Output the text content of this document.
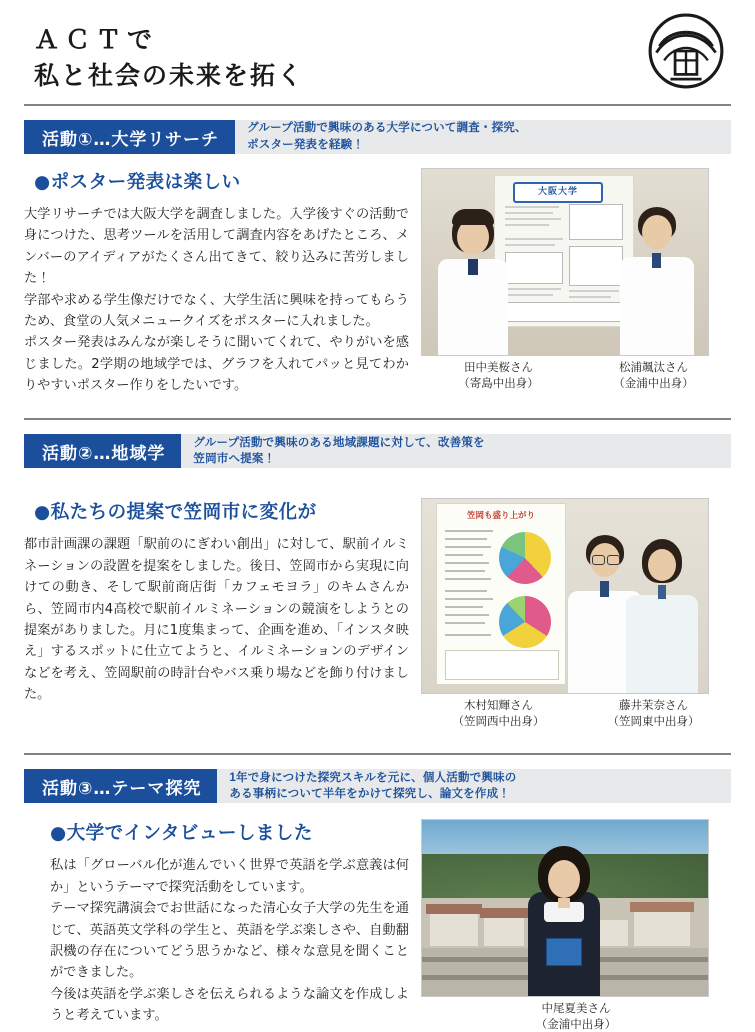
ＡＣＴで
私と社会の未来を拓く
活動①…大学リサーチ
グループ活動で興味のある大学について調査・探究、
ポスター発表を経験！
●ポスター発表は楽しい

大学リサーチでは大阪大学を調査しました。入学後すぐの活動で身につけた、思考ツールを活用して調査内容をあげたところ、メンバーのアイディアがたくさん出てきて、絞り込みに苦労しました！

学部や求める学生像だけでなく、大学生活に興味を持ってもらうため、食堂の人気メニュークイズをポスターに入れました。

ポスター発表はみんなが楽しそうに聞いてくれて、やりがいを感じました。2学期の地域学では、グラフを入れてパッと見てわかりやすいポスター作りをしたいです。

大阪大学
田中美桜さん
（寄島中出身）
松浦颯汰さん
（金浦中出身）
活動②…地域学
グループ活動で興味のある地域課題に対して、改善策を
笠岡市へ提案！
●私たちの提案で笠岡市に変化が

都市計画課の課題「駅前のにぎわい創出」に対して、駅前イルミネーションの設置を提案をしました。後日、笠岡市から実現に向けての動き、そして駅前商店街「カフェモヨラ」のキムさんから、笠岡市内4高校で駅前イルミネーションの競演をしようとの提案がありました。月に1度集まって、企画を進め、「インスタ映え」するスポットに仕立てようと、イルミネーションのデザインなどを考え、笠岡駅前の時計台やバス乗り場などを飾り付けました。

笠岡も盛り上がり
木村知輝さん
（笠岡西中出身）
藤井茉奈さん
（笠岡東中出身）
活動③…テーマ探究
1年で身につけた探究スキルを元に、個人活動で興味の
ある事柄について半年をかけて探究し、論文を作成！
●大学でインタビューしました

私は「グローバル化が進んでいく世界で英語を学ぶ意義は何か」というテーマで探究活動をしています。

テーマ探究講演会でお世話になった清心女子大学の先生を通じて、英語英文学科の学生と、英語を学ぶ楽しさや、自動翻訳機の存在についてどう思うかなど、様々な意見を聞くことができました。

今後は英語を学ぶ楽しさを伝えられるような論文を作成しようと考えています。	中尾夏美さん
（金浦中出身）
